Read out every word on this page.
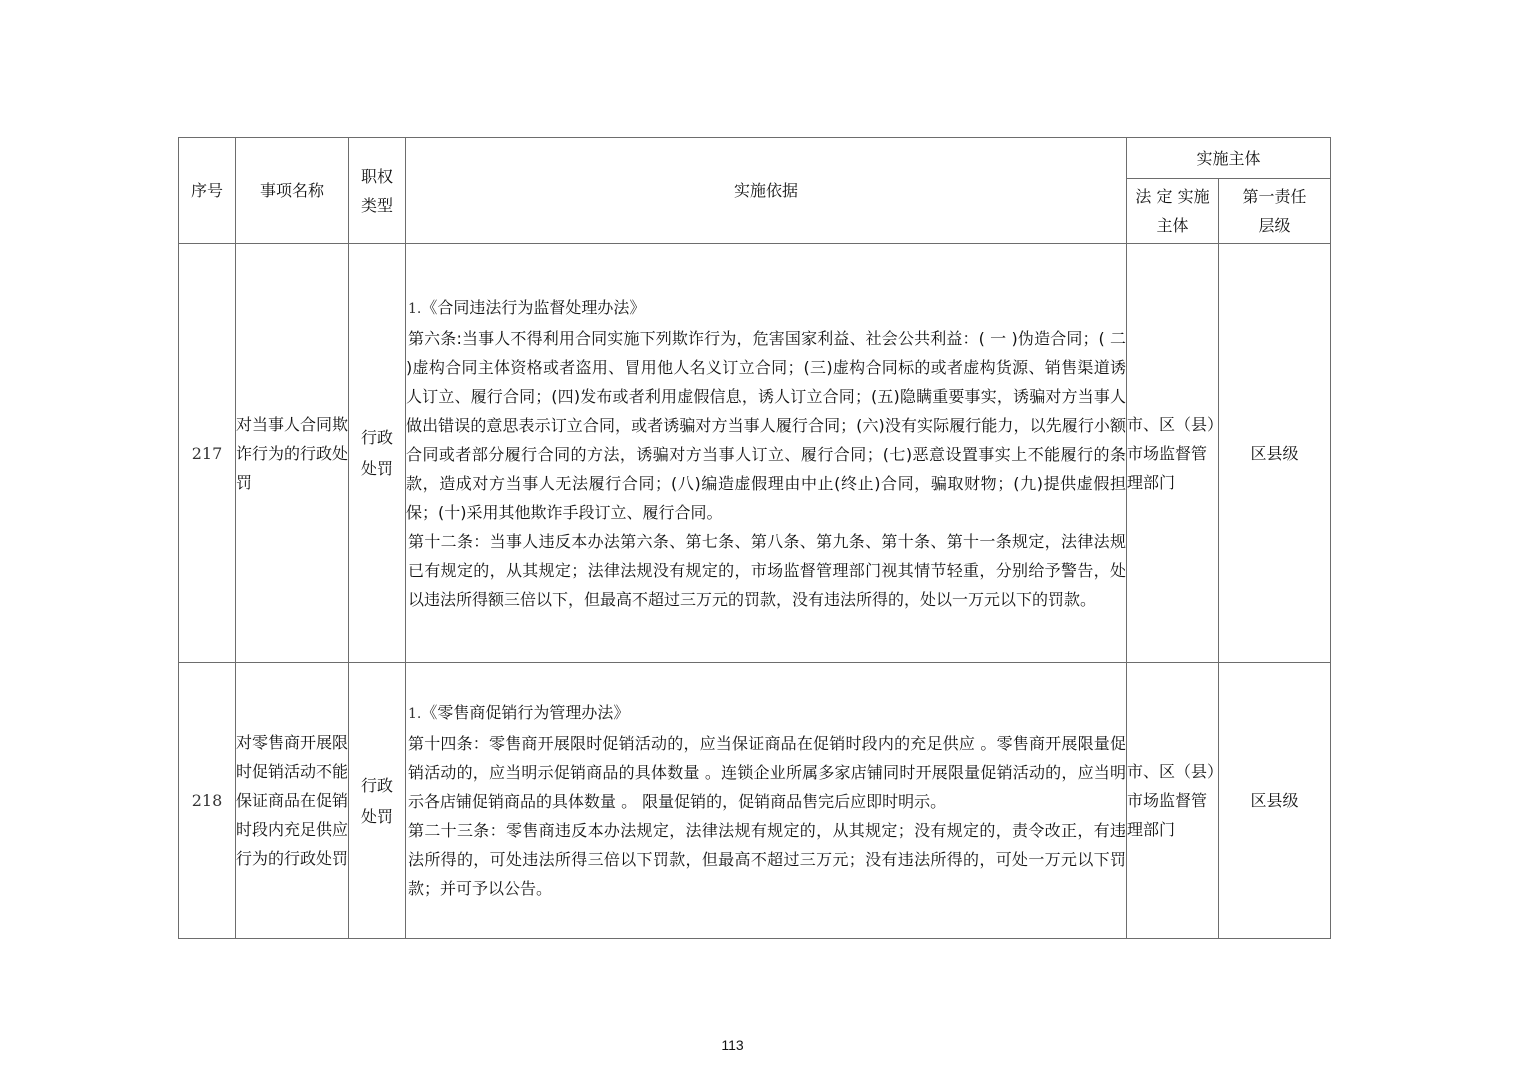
序号	事项名称	职权类型	实施依据	实施主体	
				法 定 实施主体	第一责任层级
217	对当事人合同欺诈行为的行政处罚	行政处罚	1.《合同违法行为监督处理办法》

第六条:当事人不得利用合同实施下列欺诈行为，危害国家利益、社会公共利益：( 一 )伪造合同；( 二 )虚构合同主体资格或者盗用、冒用他人名义订立合同；(三)虚构合同标的或者虚构货源、销售渠道诱人订立、履行合同；(四)发布或者利用虚假信息，诱人订立合同；(五)隐瞒重要事实，诱骗对方当事人做出错误的意思表示订立合同，或者诱骗对方当事人履行合同；(六)没有实际履行能力，以先履行小额合同或者部分履行合同的方法，诱骗对方当事人订立、履行合同；(七)恶意设置事实上不能履行的条款，造成对方当事人无法履行合同；(八)编造虚假理由中止(终止)合同，骗取财物；(九)提供虚假担保；(十)采用其他欺诈手段订立、履行合同。

第十二条：当事人违反本办法第六条、第七条、第八条、第九条、第十条、第十一条规定，法律法规已有规定的，从其规定；法律法规没有规定的，市场监督管理部门视其情节轻重，分别给予警告，处以违法所得额三倍以下，但最高不超过三万元的罚款，没有违法所得的，处以一万元以下的罚款。	市、区（县）市场监督管理部门	区县级
218	对零售商开展限时促销活动不能保证商品在促销时段内充足供应行为的行政处罚	行政处罚	1.《零售商促销行为管理办法》

第十四条：零售商开展限时促销活动的，应当保证商品在促销时段内的充足供应 。零售商开展限量促销活动的，应当明示促销商品的具体数量 。连锁企业所属多家店铺同时开展限量促销活动的，应当明示各店铺促销商品的具体数量 。 限量促销的，促销商品售完后应即时明示。

第二十三条：零售商违反本办法规定，法律法规有规定的，从其规定；没有规定的，责令改正，有违法所得的，可处违法所得三倍以下罚款，但最高不超过三万元；没有违法所得的，可处一万元以下罚款；并可予以公告。	市、区（县）市场监督管理部门	区县级
113
